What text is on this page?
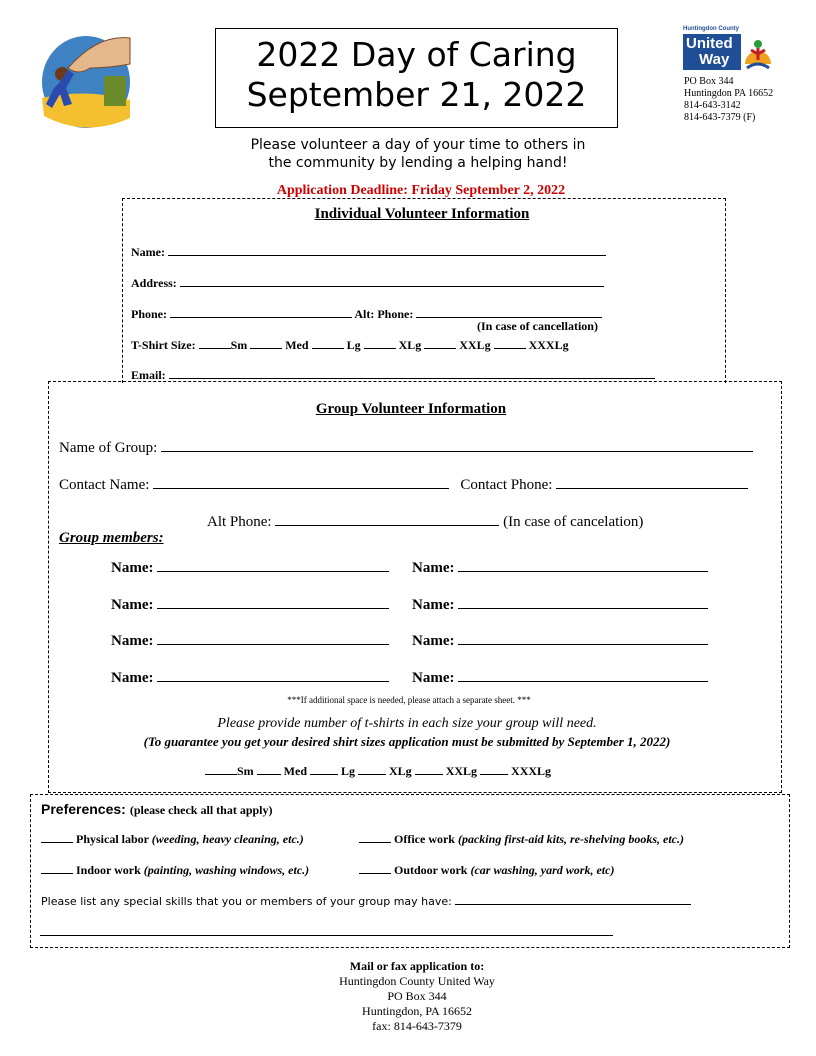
2022 Day of Caring
September 21, 2022
Huntingdon County
United
Way
PO Box 344
Huntingdon PA 16652
814-643-3142
814-643-7379 (F)
Please volunteer a day of your time to others in
the community by lending a helping hand!
Application Deadline: Friday September 2, 2022
Individual Volunteer Information
Name:
Address:
Phone:	Alt: Phone:
(In case of cancellation)
T-Shirt Size:	Sm	Med	Lg	XLg	XXLg	XXXLg
Email:
Group Volunteer Information
Name of Group:
Contact Name:	Contact Phone:
Alt Phone:	(In case of cancelation)
Group members:
Name:	Name:
Name:	Name:
Name:	Name:
Name:	Name:
***If additional space is needed, please attach a separate sheet. ***
Please provide number of t-shirts in each size your group will need.
(To guarantee you get your desired shirt sizes application must be submitted by September 1, 2022)
Sm	Med	Lg	XLg	XXLg	XXXLg
Preferences: (please check all that apply)
Physical labor (weeding, heavy cleaning, etc.)	Office work (packing first-aid kits, re-shelving books, etc.)
Indoor work (painting, washing windows, etc.)	Outdoor work (car washing, yard work, etc)
Please list any special skills that you or members of your group may have:
Mail or fax application to:
Huntingdon County United Way
PO Box 344
Huntingdon, PA 16652
fax: 814-643-7379
